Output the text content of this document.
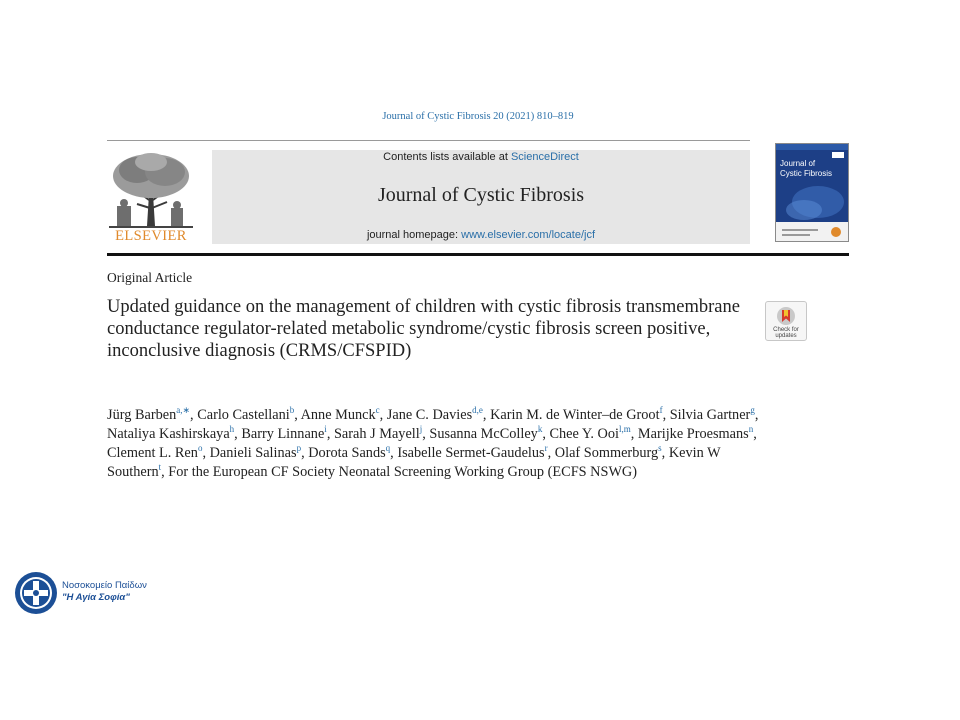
Journal of Cystic Fibrosis 20 (2021) 810–819
ELSEVIER
Contents lists available at ScienceDirect
Journal of Cystic Fibrosis
journal homepage: www.elsevier.com/locate/jcf
Journal of
Cystic Fibrosis
Original Article
Updated guidance on the management of children with cystic fibrosis transmembrane conductance regulator-related metabolic syndrome/cystic fibrosis screen positive, inconclusive diagnosis (CRMS/CFSPID)
Check for
updates

Jürg Barben$^{a,∗}$, Carlo Castellani$^b$, Anne Munck$^c$, Jane C. Davies$^{d,e}$, Karin M. de Winter–de Groot$^f$, Silvia Gartner$^g$, Nataliya Kashirskaya$^h$, Barry Linnane$^i$, Sarah J Mayell$^j$, Susanna McColley$^k$, Chee Y. Ooi$^{l,m}$, Marijke Proesmans$^n$, Clement L. Ren$^o$, Danieli Salinas$^p$, Dorota Sands$^q$, Isabelle Sermet-Gaudelus$^r$, Olaf Sommerburg$^s$, Kevin W Southern$^t$, For the European CF Society Neonatal Screening Working Group (ECFS NSWG)

Νοσοκομείο Παίδων
"Η Αγία Σοφία"
